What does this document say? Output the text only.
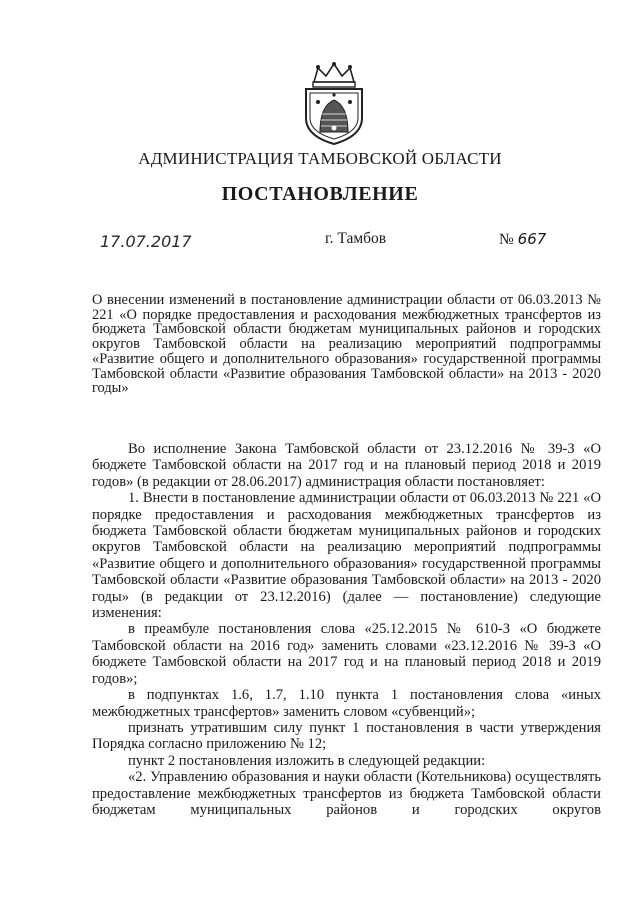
АДМИНИСТРАЦИЯ ТАМБОВСКОЙ ОБЛАСТИ
ПОСТАНОВЛЕНИЕ
17.07.2017	г. Тамбов	№ 667
О внесении изменений в постановление администрации области от 06.03.2013 № 221 «О порядке предоставления и расходования межбюджетных трансфертов из бюджета Тамбовской области бюджетам муниципальных районов и городских округов Тамбовской области на реализацию мероприятий подпрограммы «Развитие общего и дополнительного образования» государственной программы Тамбовской области «Развитие образования Тамбовской области» на 2013 - 2020 годы»

Во исполнение Закона Тамбовской области от 23.12.2016 № 39-З «О бюджете Тамбовской области на 2017 год и на плановый период 2018 и 2019 годов» (в редакции от 28.06.2017) администрация области постановляет:

1. Внести в постановление администрации области от 06.03.2013 № 221 «О порядке предоставления и расходования межбюджетных трансфертов из бюджета Тамбовской области бюджетам муниципальных районов и городских округов Тамбовской области на реализацию мероприятий подпрограммы «Развитие общего и дополнительного образования» государственной программы Тамбовской области «Развитие образования Тамбовской области» на 2013 - 2020 годы» (в редакции от 23.12.2016) (далее — постановление) следующие изменения:

в преамбуле постановления слова «25.12.2015 № 610-З «О бюджете Тамбовской области на 2016 год» заменить словами «23.12.2016 № 39-З «О бюджете Тамбовской области на 2017 год и на плановый период 2018 и 2019 годов»;

в подпунктах 1.6, 1.7, 1.10 пункта 1 постановления слова «иных межбюджетных трансфертов» заменить словом «субвенций»;

признать утратившим силу пункт 1 постановления в части утверждения Порядка согласно приложению № 12;

пункт 2 постановления изложить в следующей редакции:

«2. Управлению образования и науки области (Котельникова) осуществлять предоставление межбюджетных трансфертов из бюджета Тамбовской области бюджетам муниципальных районов и городских округов
